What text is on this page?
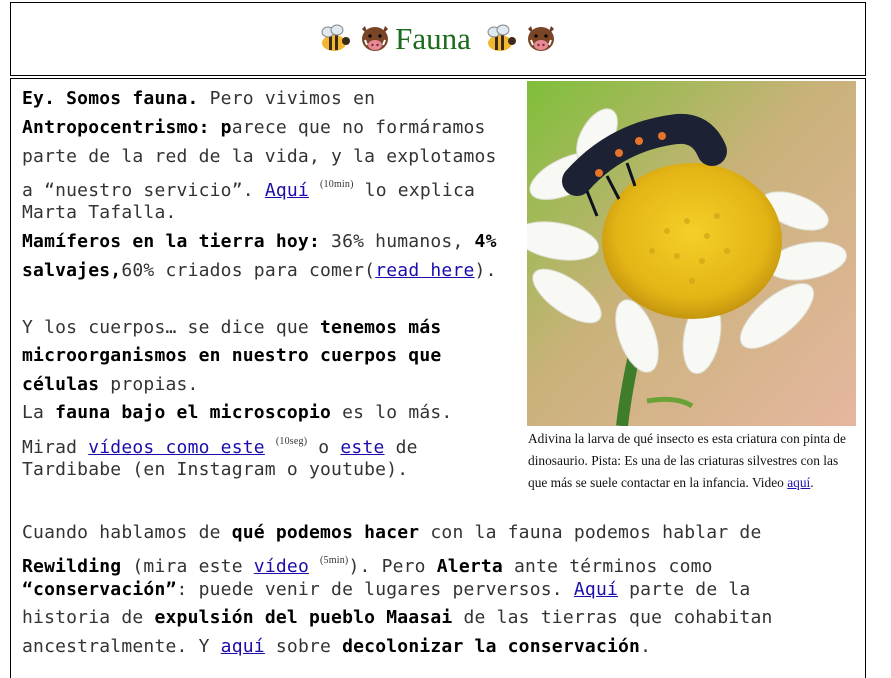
Fauna
Ey. Somos fauna. Pero vivimos en
Antropocentrismo: parece que no formáramos
parte de la red de la vida, y la explotamos
a “nuestro servicio”. Aquí $^{(10min)}$ lo explica
Marta Tafalla.
Mamíferos en la tierra hoy: 36% humanos, 4%
salvajes,60% criados para comer(read here).
Y los cuerpos… se dice que tenemos más
microorganismos en nuestro cuerpos que
células propias.
La fauna bajo el microscopio es lo más.
Mirad vídeos como este $^{(10seg)}$ o este de
Tardibabe (en Instagram o youtube).
Adivina la larva de qué insecto es esta criatura con pinta de dinosaurio. Pista: Es una de las criaturas silvestres con las que más se suele contactar en la infancia. Video aquí.
Cuando hablamos de qué podemos hacer con la fauna podemos hablar de
Rewilding (mira este vídeo $^{(5min)}$). Pero Alerta ante términos como
“conservación”: puede venir de lugares perversos. Aquí parte de la
historia de expulsión del pueblo Maasai de las tierras que cohabitan
ancestralmente. Y aquí sobre decolonizar la conservación.
